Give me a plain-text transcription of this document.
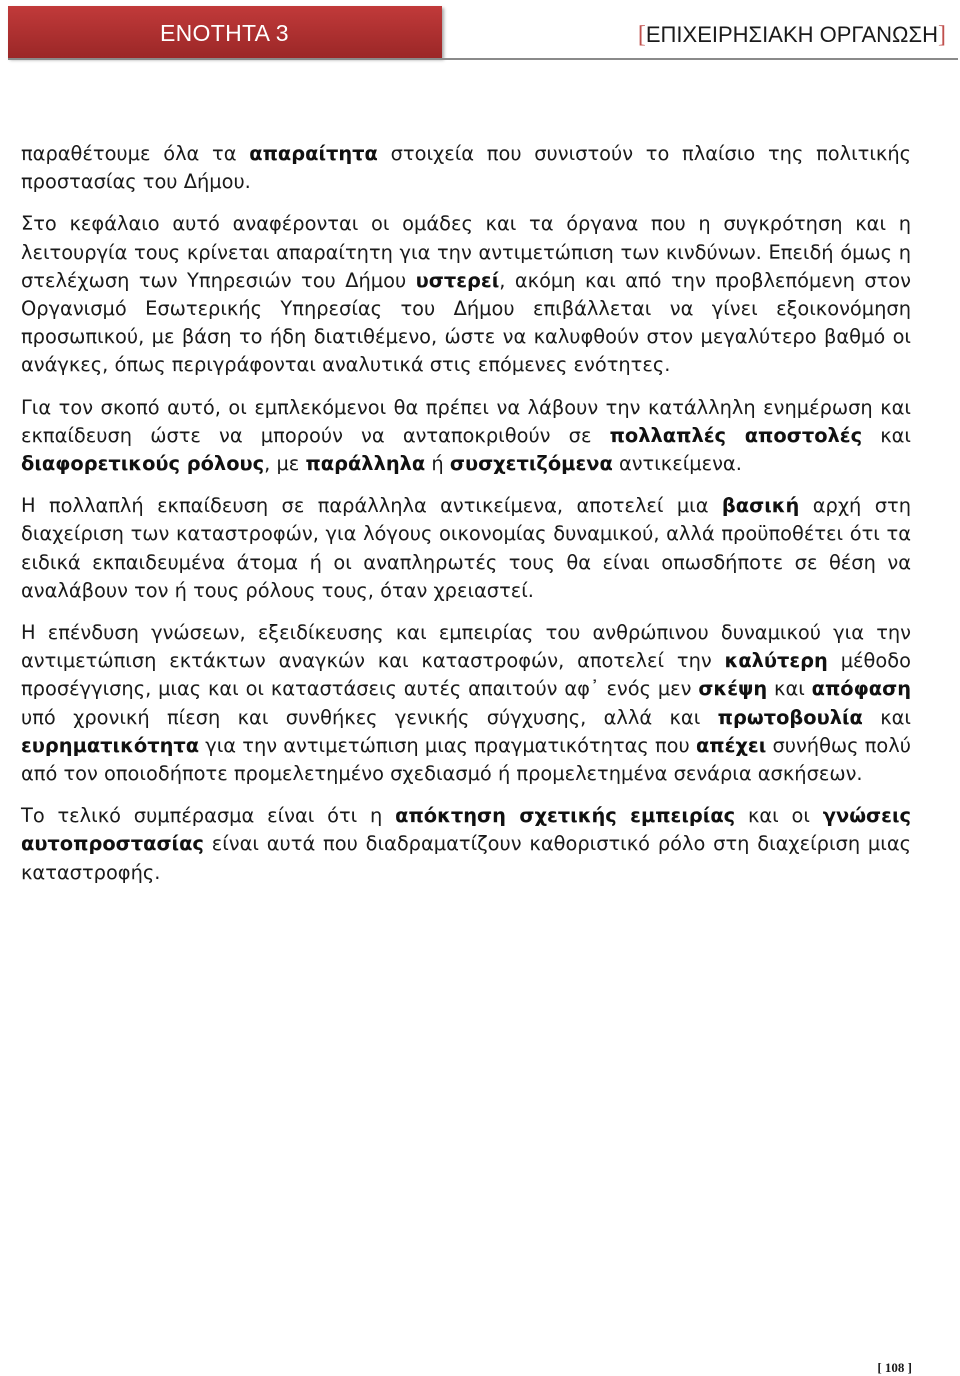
ΕΝΟΤΗΤΑ 3	[ΕΠΙΧΕΙΡΗΣΙΑΚΗ ΟΡΓΑΝΩΣΗ]

παραθέτουμε όλα τα απαραίτητα στοιχεία που συνιστούν το πλαίσιο της πολιτικής προστασίας του Δήμου.

Στο κεφάλαιο αυτό αναφέρονται οι ομάδες και τα όργανα που η συγκρότηση και η λειτουργία τους κρίνεται απαραίτητη για την αντιμετώπιση των κινδύνων. Επειδή όμως η στελέχωση των Υπηρεσιών του Δήμου υστερεί, ακόμη και από την προβλεπόμενη στον Οργανισμό Εσωτερικής Υπηρεσίας του Δήμου επιβάλλεται να γίνει εξοικονόμηση προσωπικού, με βάση το ήδη διατιθέμενο, ώστε να καλυφθούν στον μεγαλύτερο βαθμό οι ανάγκες, όπως περιγράφονται αναλυτικά στις επόμενες ενότητες.

Για τον σκοπό αυτό, οι εμπλεκόμενοι θα πρέπει να λάβουν την κατάλληλη ενημέρωση και εκπαίδευση ώστε να μπορούν να ανταποκριθούν σε πολλαπλές αποστολές και διαφορετικούς ρόλους, με παράλληλα ή συσχετιζόμενα αντικείμενα.

Η πολλαπλή εκπαίδευση σε παράλληλα αντικείμενα, αποτελεί μια βασική αρχή στη διαχείριση των καταστροφών, για λόγους οικονομίας δυναμικού, αλλά προϋποθέτει ότι τα ειδικά εκπαιδευμένα άτομα ή οι αναπληρωτές τους θα είναι οπωσδήποτε σε θέση να αναλάβουν τον ή τους ρόλους τους, όταν χρειαστεί.

Η επένδυση γνώσεων, εξειδίκευσης και εμπειρίας του ανθρώπινου δυναμικού για την αντιμετώπιση εκτάκτων αναγκών και καταστροφών, αποτελεί την καλύτερη μέθοδο προσέγγισης, μιας και οι καταστάσεις αυτές απαιτούν αφ᾽ ενός μεν σκέψη και απόφαση υπό χρονική πίεση και συνθήκες γενικής σύγχυσης, αλλά και πρωτοβουλία και ευρηματικότητα για την αντιμετώπιση μιας πραγματικότητας που απέχει συνήθως πολύ από τον οποιοδήποτε προμελετημένο σχεδιασμό ή προμελετημένα σενάρια ασκήσεων.

Το τελικό συμπέρασμα είναι ότι η απόκτηση σχετικής εμπειρίας και οι γνώσεις αυτοπροστασίας είναι αυτά που διαδραματίζουν καθοριστικό ρόλο στη διαχείριση μιας καταστροφής.

[ 108 ]
